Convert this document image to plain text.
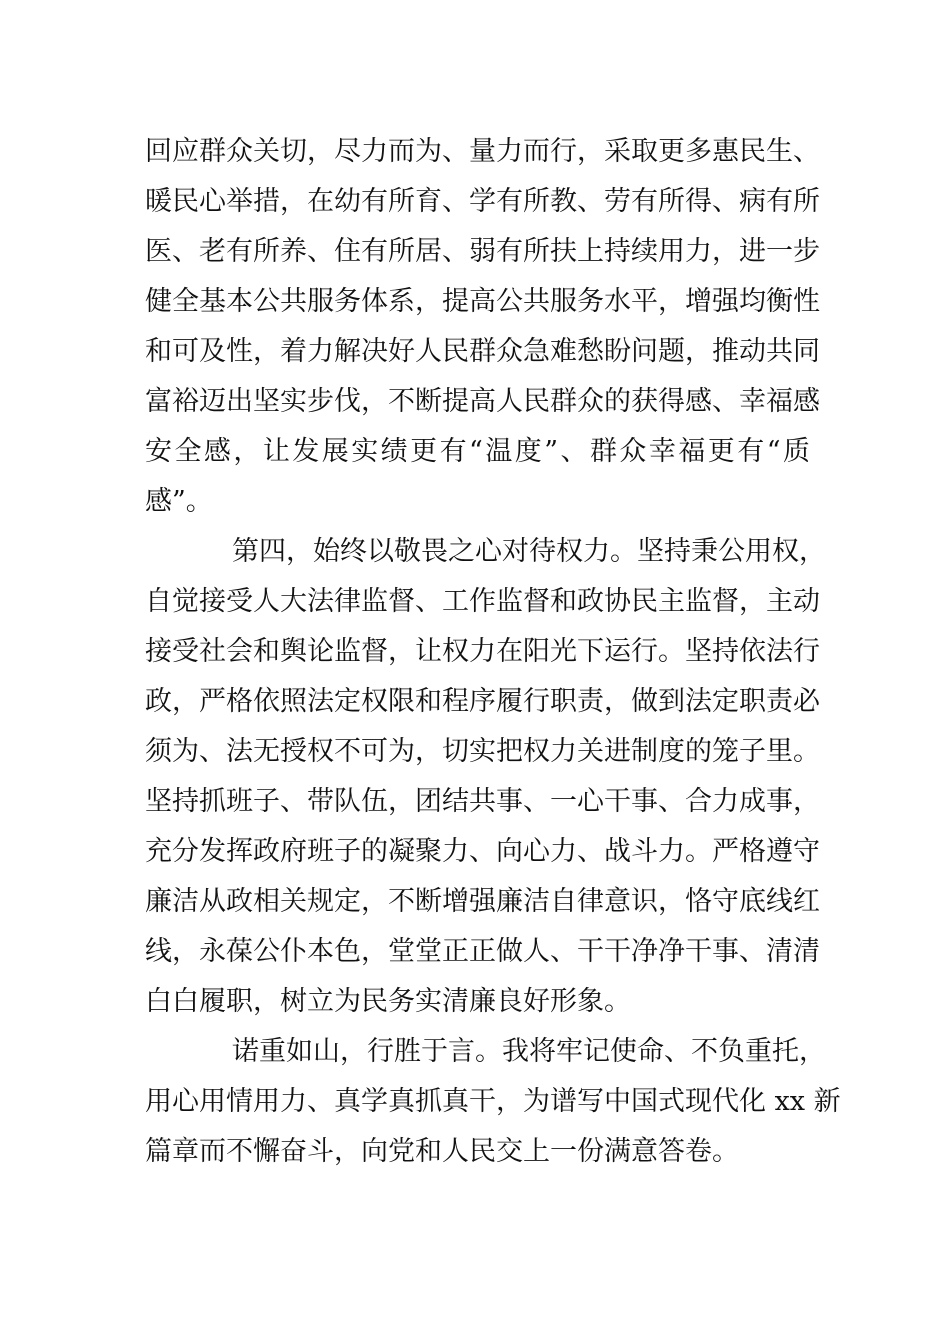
回应群众关切，尽力而为、量力而行，采取更多惠民生、
暖民心举措，在幼有所育、学有所教、劳有所得、病有所
医、老有所养、住有所居、弱有所扶上持续用力，进一步
健全基本公共服务体系，提高公共服务水平，增强均衡性
和可及性，着力解决好人民群众急难愁盼问题，推动共同
富裕迈出坚实步伐，不断提高人民群众的获得感、幸福感
安全感，让发展实绩更有“温度”、群众幸福更有“质
感”。
第四，始终以敬畏之心对待权力。坚持秉公用权，
自觉接受人大法律监督、工作监督和政协民主监督，主动
接受社会和舆论监督，让权力在阳光下运行。坚持依法行
政，严格依照法定权限和程序履行职责，做到法定职责必
须为、法无授权不可为，切实把权力关进制度的笼子里。
坚持抓班子、带队伍，团结共事、一心干事、合力成事，
充分发挥政府班子的凝聚力、向心力、战斗力。严格遵守
廉洁从政相关规定，不断增强廉洁自律意识，恪守底线红
线，永葆公仆本色，堂堂正正做人、干干净净干事、清清
白白履职，树立为民务实清廉良好形象。
诺重如山，行胜于言。我将牢记使命、不负重托，
用心用情用力、真学真抓真干，为谱写中国式现代化 xx 新
篇章而不懈奋斗，向党和人民交上一份满意答卷。
